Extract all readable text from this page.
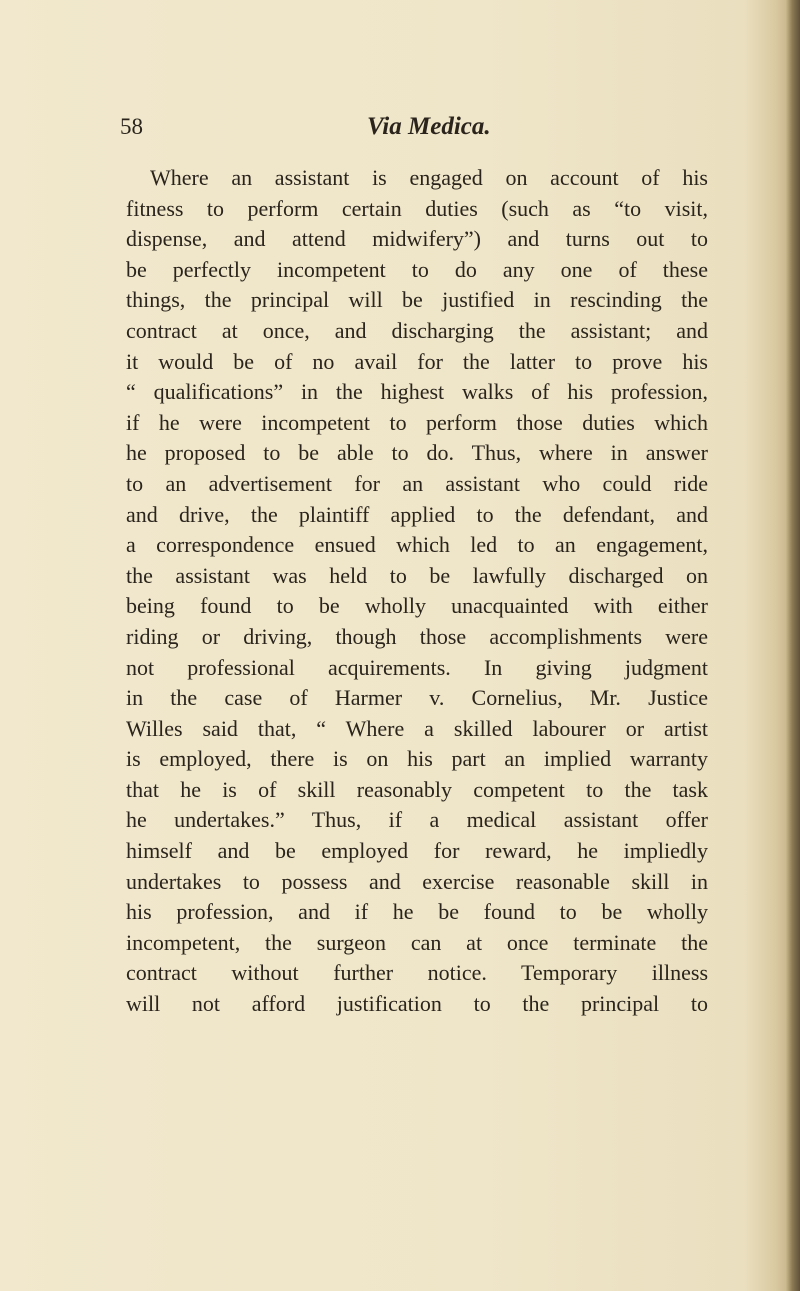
58	Via Medica.
Where an assistant is engaged on account of his
fitness to perform certain duties (such as “to visit,
dispense, and attend midwifery”) and turns out to
be perfectly incompetent to do any one of these
things, the principal will be justified in rescinding the
contract at once, and discharging the assistant; and
it would be of no avail for the latter to prove his
“ qualifications” in the highest walks of his profession,
if he were incompetent to perform those duties which
he proposed to be able to do. Thus, where in answer
to an advertisement for an assistant who could ride
and drive, the plaintiff applied to the defendant, and
a correspondence ensued which led to an engagement,
the assistant was held to be lawfully discharged on
being found to be wholly unacquainted with either
riding or driving, though those accomplishments were
not professional acquirements. In giving judgment
in the case of Harmer v. Cornelius, Mr. Justice
Willes said that, “ Where a skilled labourer or artist
is employed, there is on his part an implied warranty
that he is of skill reasonably competent to the task
he undertakes.” Thus, if a medical assistant offer
himself and be employed for reward, he impliedly
undertakes to possess and exercise reasonable skill in
his profession, and if he be found to be wholly
incompetent, the surgeon can at once terminate the
contract without further notice. Temporary illness
will not afford justification to the principal to
